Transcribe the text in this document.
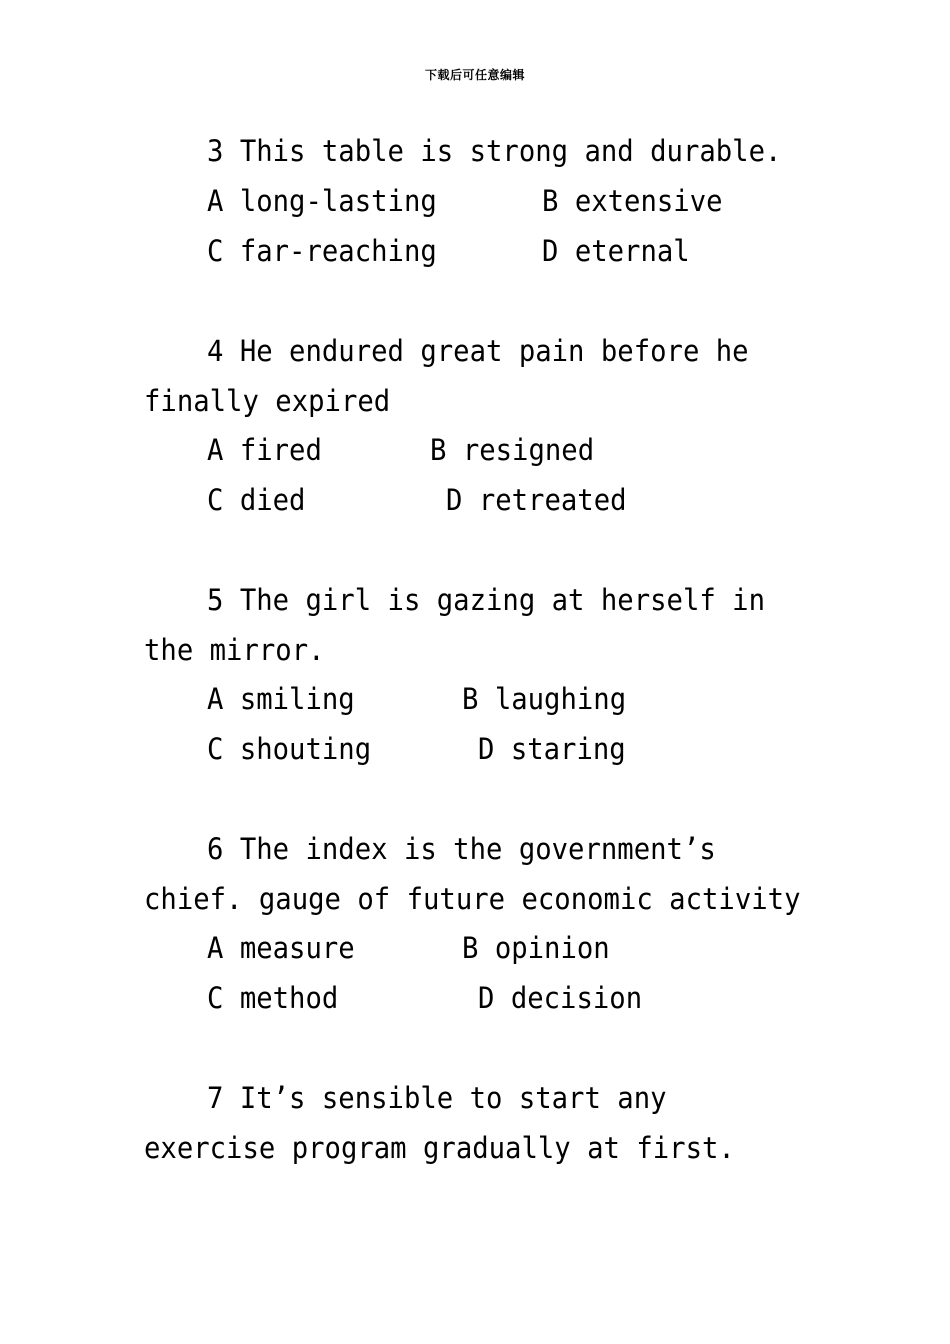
下载后可任意编辑
3 This table is strong and durable.
A long-lasting	B extensive
C far-reaching	D eternal
4 He endured great pain before he
finally expired
A fired	B resigned
C died	D retreated
5 The girl is gazing at herself in
the mirror.
A smiling	B laughing
C shouting	D staring
6 The index is the government’s
chief. gauge of future economic activity
A measure	B opinion
C method	D decision
7 It’s sensible to start any
exercise program gradually at first.
